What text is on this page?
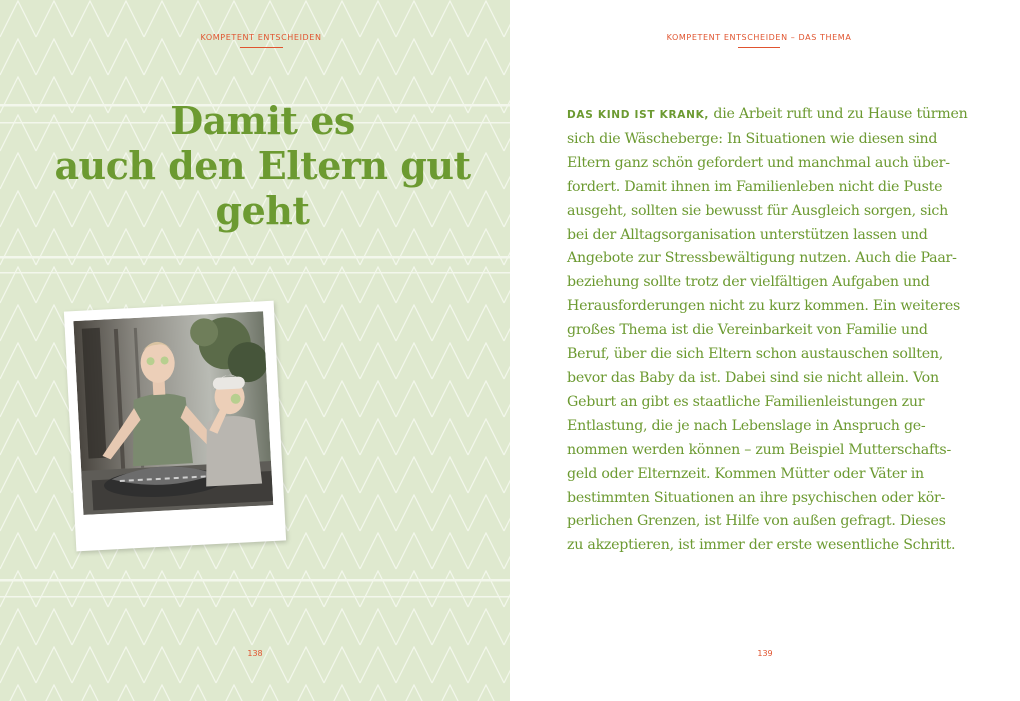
KOMPETENT ENTSCHEIDEN
Damit es
auch den Eltern gut
geht
138
KOMPETENT ENTSCHEIDEN – DAS THEMA
DAS KIND IST KRANK, die Arbeit ruft und zu Hause türmen
sich die Wäscheberge: In Situationen wie diesen sind
Eltern ganz schön gefordert und manchmal auch über-
fordert. Damit ihnen im Familienleben nicht die Puste
ausgeht, sollten sie bewusst für Ausgleich sorgen, sich
bei der Alltagsorganisation unterstützen lassen und
Angebote zur Stressbewältigung nutzen. Auch die Paar-
beziehung sollte trotz der vielfältigen Aufgaben und
Herausforderungen nicht zu kurz kommen. Ein weiteres
großes Thema ist die Vereinbarkeit von Familie und
Beruf, über die sich Eltern schon austauschen sollten,
bevor das Baby da ist. Dabei sind sie nicht allein. Von
Geburt an gibt es staatliche Familienleistungen zur
Entlastung, die je nach Lebenslage in Anspruch ge-
nommen werden können – zum Beispiel Mutterschafts-
geld oder Elternzeit. Kommen Mütter oder Väter in
bestimmten Situationen an ihre psychischen oder kör-
perlichen Grenzen, ist Hilfe von außen gefragt. Dieses
zu akzeptieren, ist immer der erste wesentliche Schritt.
139
